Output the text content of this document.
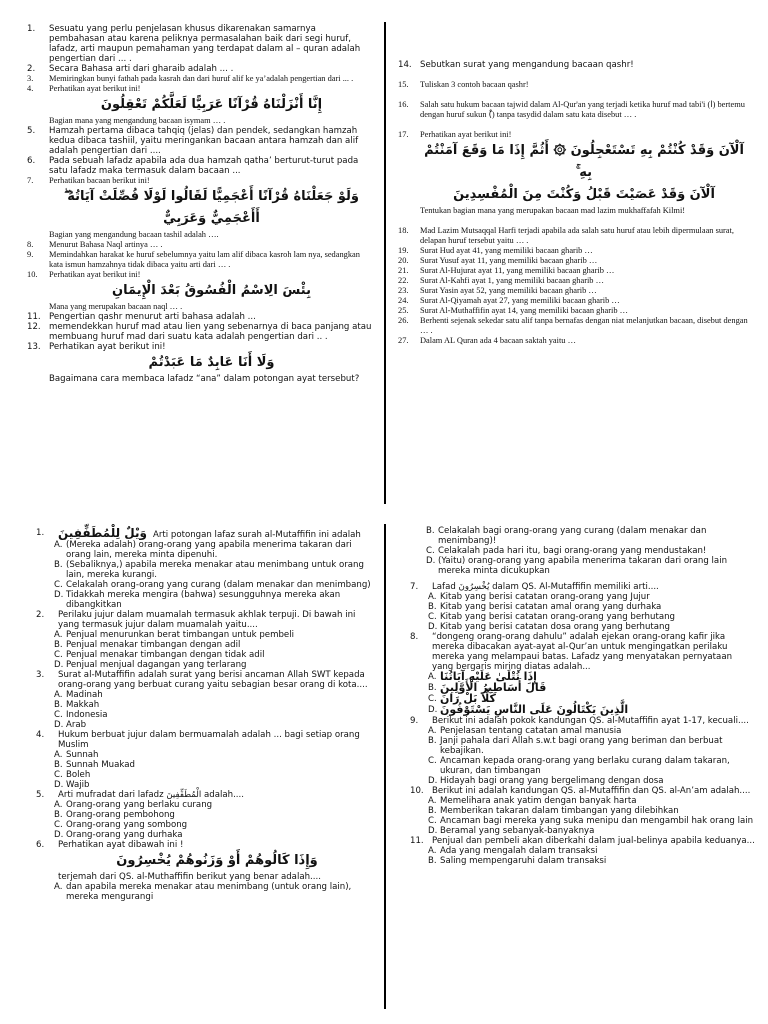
1. Sesuatu yang perlu penjelasan khusus dikarenakan samarnya pembahasan atau karena peliknya permasalahan baik dari segi huruf, lafadz, arti maupun pemahaman yang terdapat dalam al – quran adalah pengertian dari ... .
2. Secara Bahasa arti dari gharaib adalah ... .
3. Memiringkan bunyi fathah pada kasrah dan dari huruf alif ke ya’adalah pengertian dari ... .
4. Perhatikan ayat berikut ini!
إِنَّا أَنْزَلْنَاهُ قُرْآنًا عَرَبِيًّا لَعَلَّكُمْ تَعْقِلُونَ
Bagian mana yang mengandung bacaan isymam … .
5. Hamzah pertama dibaca tahqiq (jelas) dan pendek, sedangkan hamzah kedua dibaca tashiil, yaitu meringankan bacaan antara hamzah dan alif adalah pengertian dari ....
6. Pada sebuah lafadz apabila ada dua hamzah qatha’ berturut-turut pada satu lafadz maka termasuk dalam bacaan ...
7. Perhatikan bacaan berikut ini!
وَلَوْ جَعَلْنَاهُ قُرْآنًا أَعْجَمِيًّا لَقَالُوا لَوْلَا فُصِّلَتْ آيَاتُهُ ۖ أَأَعْجَمِيٌّ وَعَرَبِيٌّ
Bagian yang mengandung bacaan tashil adalah ….
8. Menurut Bahasa Naql artinya … .
9. Memindahkan harakat ke huruf sebelumnya yaitu lam alif dibaca kasroh lam nya, sedangkan kata ismun hamzahnya tidak dibaca yaitu arti dari … .
10. Perhatikan ayat berikut ini!
بِئْسَ الِاسْمُ الْفُسُوقُ بَعْدَ الْإِيمَانِ
Mana yang merupakan bacaan naql … .
11. Pengertian qashr menurut arti bahasa adalah ...
12. memendekkan huruf mad atau lien yang sebenarnya di baca panjang atau membuang huruf mad dari suatu kata adalah pengertian dari .. .
13. Perhatikan ayat berikut ini!
وَلَا أَنَا عَابِدٌ مَا عَبَدْتُمْ
Bagaimana cara membaca lafadz “ana” dalam potongan ayat tersebut?
14. Sebutkan surat yang mengandung bacaan qashr!
15. Tuliskan 3 contoh bacaan qashr!
16. Salah satu hukum bacaan tajwid dalam Al-Qur'an yang terjadi ketika huruf mad tabi'i (ا) bertemu dengan huruf sukun (ْ) tanpa tasydid dalam satu kata disebut … .
17. Perhatikan ayat berikut ini!
آلْآنَ وَقَدْ كُنْتُمْ بِهِ تَسْتَعْجِلُونَ ۞ أَثُمَّ إِذَا مَا وَقَعَ آمَنْتُمْ بِهِ ۚ
آلْآنَ وَقَدْ عَصَيْتَ قَبْلُ وَكُنْتَ مِنَ الْمُفْسِدِينَ
Tentukan bagian mana yang merupakan bacaan mad lazim mukhaffafah Kilmi!
18. Mad Lazim Mutsaqqal Harfi terjadi apabila ada salah satu huruf atau lebih dipermulaan surat, delapan huruf tersebut yaitu … .
19. Surat Hud ayat 41, yang memiliki bacaan gharib …
20. Surat Yusuf ayat 11, yang memiliki bacaan gharib …
21. Surat Al-Hujurat ayat 11, yang memiliki bacaan gharib …
22. Surat Al-Kahfi ayat 1, yang memiliki bacaan gharib …
23. Surat Yasin ayat 52, yang memiliki bacaan gharib …
24. Surat Al-Qiyamah ayat 27, yang memiliki bacaan gharib …
25. Surat Al-Muthaffifin ayat 14, yang memiliki bacaan gharib …
26. Berhenti sejenak sekedar satu alif tanpa bernafas dengan niat melanjutkan bacaan, disebut dengan … .
27. Dalam AL Quran ada 4 bacaan saktah yaitu …
1. وَيْلٌ لِلْمُطَفِّفِينَ Arti potongan lafaz surah al-Mutaffifin ini adalah
A. (Mereka adalah) orang-orang yang apabila menerima takaran dari orang lain, mereka minta dipenuhi.
B. (Sebaliknya,) apabila mereka menakar atau menimbang untuk orang lain, mereka kurangi.
C. Celakalah orang-orang yang curang (dalam menakar dan menimbang)
D. Tidakkah mereka mengira (bahwa) sesungguhnya mereka akan dibangkitkan
2. Perilaku jujur dalam muamalah termasuk akhlak terpuji. Di bawah ini yang termasuk jujur dalam muamalah yaitu....
A. Penjual menurunkan berat timbangan untuk pembeli
B. Penjual menakar timbangan dengan adil
C. Penjual menakar timbangan dengan tidak adil
D. Penjual menjual dagangan yang terlarang
3. Surat al-Mutaffifin adalah surat yang berisi ancaman Allah SWT kepada orang-orang yang berbuat curang yaitu sebagian besar orang di kota....
A. Madinah
B. Makkah
C. Indonesia
D. Arab
4. Hukum berbuat jujur dalam bermuamalah adalah ... bagi setiap orang Muslim
A. Sunnah
B. Sunnah Muakad
C. Boleh
D. Wajib
5. Arti mufradat dari lafadz الْمُطَفِّفِينَ adalah....
A. Orang-orang yang berlaku curang
B. Orang-orang pembohong
C. Orang-orang yang sombong
D. Orang-orang yang durhaka
6. Perhatikan ayat dibawah ini !
وَإِذَا كَالُوهُمْ أَوْ وَزَنُوهُمْ يُخْسِرُونَ
terjemah dari QS. al-Muthaffifin berikut yang benar adalah....
A. dan apabila mereka menakar atau menimbang (untuk orang lain), mereka mengurangi
B. Celakalah bagi orang-orang yang curang (dalam menakar dan menimbang)!
C. Celakalah pada hari itu, bagi orang-orang yang mendustakan!
D. (Yaitu) orang-orang yang apabila menerima takaran dari orang lain mereka minta dicukupkan
7. Lafad يُخْسِرُونَ dalam QS. Al-Mutaffifin memiliki arti....
A. Kitab yang berisi catatan orang-orang yang Jujur
B. Kitab yang berisi catatan amal orang yang durhaka
C. Kitab yang berisi catatan orang-orang yang berhutang
D. Kitab yang berisi catatan dosa orang yang berhutang
8. “dongeng orang-orang dahulu” adalah ejekan orang-orang kafir jika mereka dibacakan ayat-ayat al-Qur’an untuk mengingatkan perilaku mereka yang melampaui batas. Lafadz yang menyatakan pernyataan yang bergaris miring diatas adalah...
A. إِذَا تُتْلَىٰ عَلَيْهِ آيَاتُنَا
B. قَالَ أَسَاطِيرُ الْأَوَّلِينَ
C. كَلَّا بَلْ رَانَ
D. الَّذِينَ يَكْتَالُونَ عَلَى النَّاسِ يَسْتَوْفُونَ
9. Berikut ini adalah pokok kandungan QS. al-Mutaffifin ayat 1-17, kecuali....
A. Penjelasan tentang catatan amal manusia
B. Janji pahala dari Allah s.w.t bagi orang yang beriman dan berbuat kebajikan.
C. Ancaman kepada orang-orang yang berlaku curang dalam takaran, ukuran, dan timbangan
D. Hidayah bagi orang yang bergelimang dengan dosa
10. Berikut ini adalah kandungan QS. al-Mutaffifin dan QS. al-An’am adalah....
A. Memelihara anak yatim dengan banyak harta
B. Memberikan takaran dalam timbangan yang dilebihkan
C. Ancaman bagi mereka yang suka menipu dan mengambil hak orang lain
D. Beramal yang sebanyak-banyaknya
11. Penjual dan pembeli akan diberkahi dalam jual-belinya apabila keduanya...
A. Ada yang mengalah dalam transaksi
B. Saling mempengaruhi dalam transaksi
